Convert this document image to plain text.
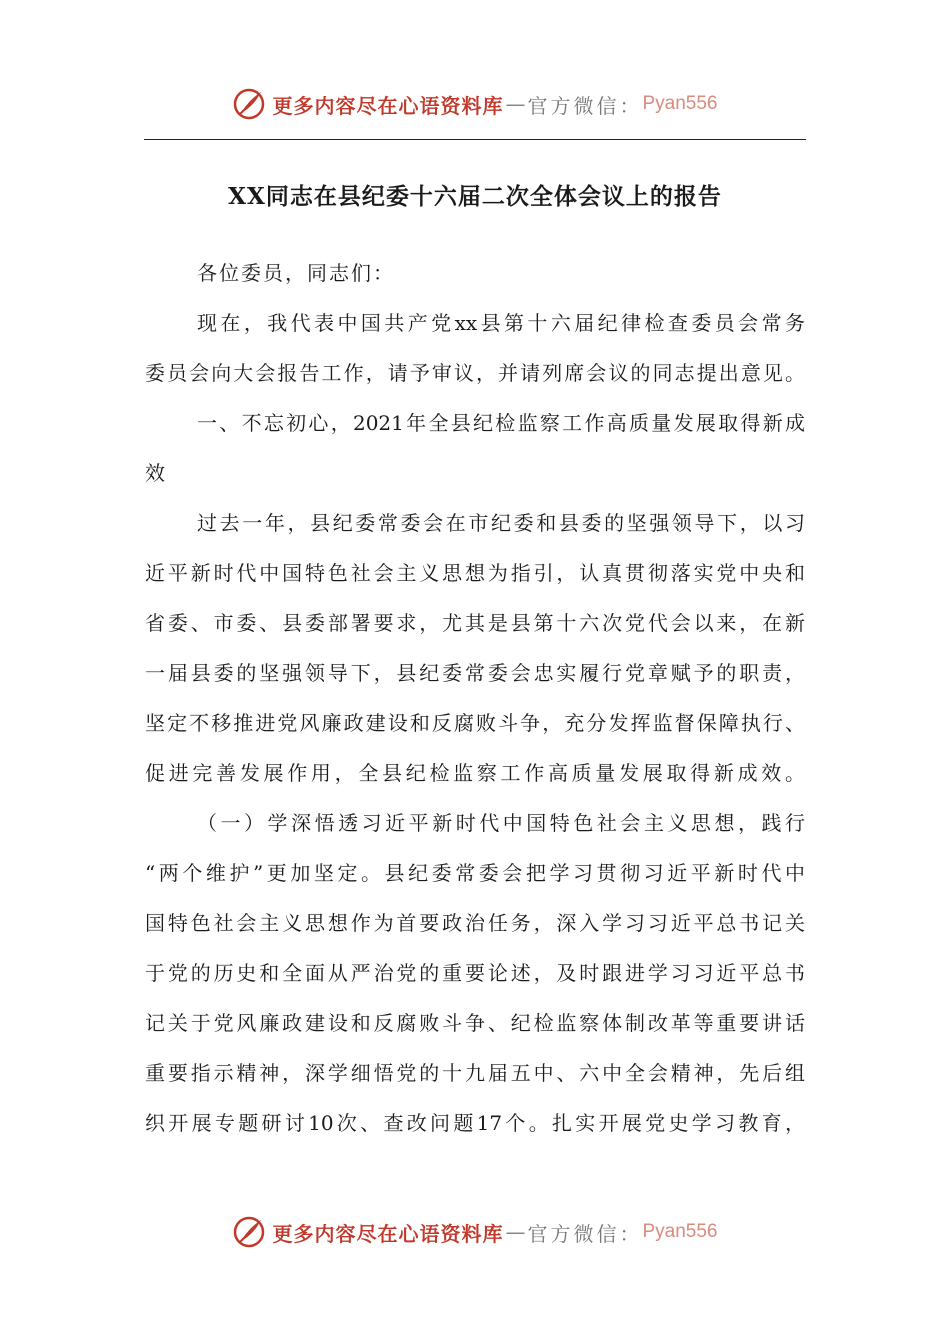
更多内容尽在心语资料库 — 官方微信： Pyan556
XX同志在县纪委十六届二次全体会议上的报告
各位委员，同志们：
现在，我代表中国共产党xx县第十六届纪律检查委员会常务
委员会向大会报告工作，请予审议，并请列席会议的同志提出意见。
一、不忘初心，2021年全县纪检监察工作高质量发展取得新成
效
过去一年，县纪委常委会在市纪委和县委的坚强领导下，以习
近平新时代中国特色社会主义思想为指引，认真贯彻落实党中央和
省委、市委、县委部署要求，尤其是县第十六次党代会以来，在新
一届县委的坚强领导下，县纪委常委会忠实履行党章赋予的职责，
坚定不移推进党风廉政建设和反腐败斗争，充分发挥监督保障执行、
促进完善发展作用，全县纪检监察工作高质量发展取得新成效。
（一）学深悟透习近平新时代中国特色社会主义思想，践行
“两个维护”更加坚定。县纪委常委会把学习贯彻习近平新时代中
国特色社会主义思想作为首要政治任务，深入学习习近平总书记关
于党的历史和全面从严治党的重要论述，及时跟进学习习近平总书
记关于党风廉政建设和反腐败斗争、纪检监察体制改革等重要讲话
重要指示精神，深学细悟党的十九届五中、六中全会精神，先后组
织开展专题研讨10次、查改问题17个。扎实开展党史学习教育，
更多内容尽在心语资料库 — 官方微信： Pyan556
